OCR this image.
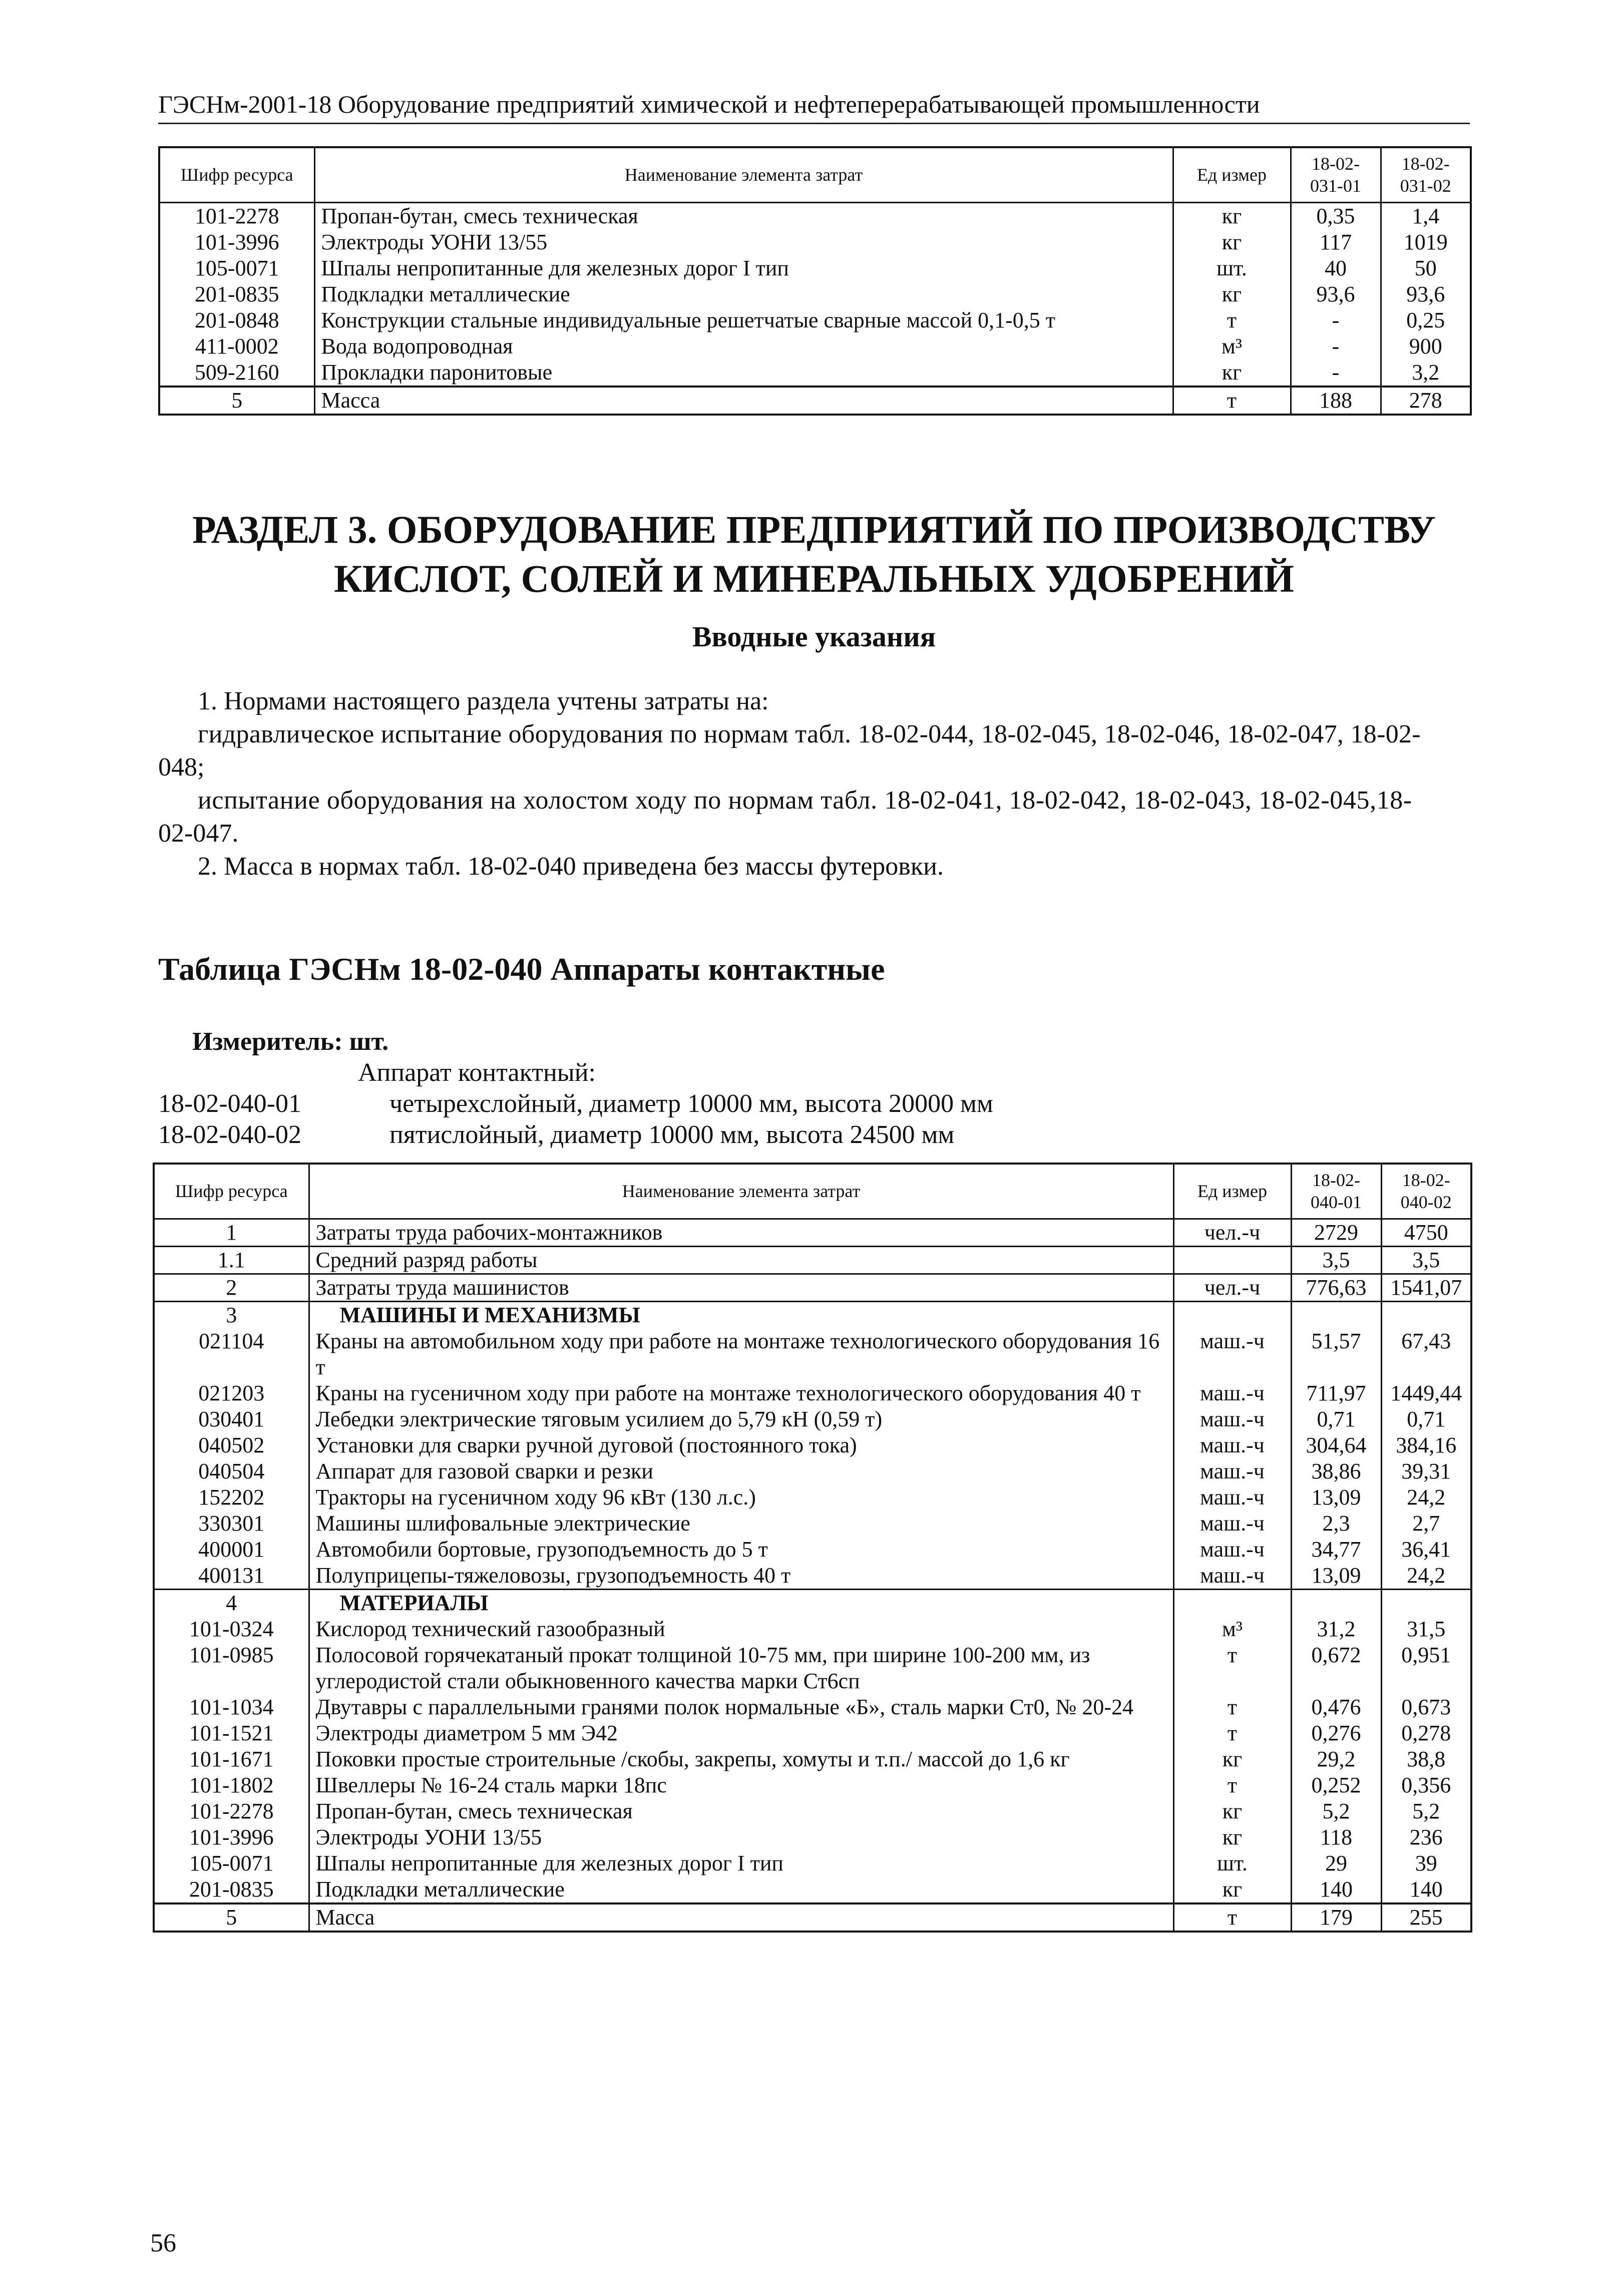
ГЭСНм-2001-18 Оборудование предприятий химической и нефтеперерабатывающей промышленности
Шифр ресурса	Наименование элемента затрат	Ед измер	18-02-031-01	18-02-031-02
101-2278	Пропан-бутан, смесь техническая	кг	0,35	1,4
101-3996	Электроды УОНИ 13/55	кг	117	1019
105-0071	Шпалы непропитанные для железных дорог I тип	шт.	40	50
201-0835	Подкладки металлические	кг	93,6	93,6
201-0848	Конструкции стальные индивидуальные решетчатые сварные массой 0,1-0,5 т	т	-	0,25
411-0002	Вода водопроводная	м³	-	900
509-2160	Прокладки паронитовые	кг	-	3,2
5	Масса	т	188	278
РАЗДЕЛ 3. ОБОРУДОВАНИЕ ПРЕДПРИЯТИЙ ПО ПРОИЗВОДСТВУ
КИСЛОТ, СОЛЕЙ И МИНЕРАЛЬНЫХ УДОБРЕНИЙ
Вводные указания
1. Нормами настоящего раздела учтены затраты на:
гидравлическое испытание оборудования по нормам табл. 18-02-044, 18-02-045, 18-02-046, 18-02-047, 18-02-
048;
испытание оборудования на холостом ходу по нормам табл. 18-02-041, 18-02-042, 18-02-043, 18-02-045,18-
02-047.
2. Масса в нормах табл. 18-02-040 приведена без массы футеровки.
Таблица ГЭСНм 18-02-040 Аппараты контактные
Измеритель: шт.
Аппарат контактный:
18-02-040-01	четырехслойный, диаметр 10000 мм, высота 20000 мм
18-02-040-02	пятислойный, диаметр 10000 мм, высота 24500 мм
Шифр ресурса	Наименование элемента затрат	Ед измер	18-02-040-01	18-02-040-02
1	Затраты труда рабочих-монтажников	чел.-ч	2729	4750
1.1	Средний разряд работы		3,5	3,5
2	Затраты труда машинистов	чел.-ч	776,63	1541,07
3	МАШИНЫ И МЕХАНИЗМЫ			
021104	Краны на автомобильном ходу при работе на монтаже технологического оборудования 16 т	маш.-ч	51,57	67,43
021203	Краны на гусеничном ходу при работе на монтаже технологического оборудования 40 т	маш.-ч	711,97	1449,44
030401	Лебедки электрические тяговым усилием до 5,79 кН (0,59 т)	маш.-ч	0,71	0,71
040502	Установки для сварки ручной дуговой (постоянного тока)	маш.-ч	304,64	384,16
040504	Аппарат для газовой сварки и резки	маш.-ч	38,86	39,31
152202	Тракторы на гусеничном ходу 96 кВт (130 л.с.)	маш.-ч	13,09	24,2
330301	Машины шлифовальные электрические	маш.-ч	2,3	2,7
400001	Автомобили бортовые, грузоподъемность до 5 т	маш.-ч	34,77	36,41
400131	Полуприцепы-тяжеловозы, грузоподъемность 40 т	маш.-ч	13,09	24,2
4	МАТЕРИАЛЫ			
101-0324	Кислород технический газообразный	м³	31,2	31,5
101-0985	Полосовой горячекатаный прокат толщиной 10-75 мм, при ширине 100-200 мм, из углеродистой стали обыкновенного качества марки Ст6сп	т	0,672	0,951
101-1034	Двутавры с параллельными гранями полок нормальные «Б», сталь марки Ст0, № 20-24	т	0,476	0,673
101-1521	Электроды диаметром 5 мм Э42	т	0,276	0,278
101-1671	Поковки простые строительные /скобы, закрепы, хомуты и т.п./ массой до 1,6 кг	кг	29,2	38,8
101-1802	Швеллеры № 16-24 сталь марки 18пс	т	0,252	0,356
101-2278	Пропан-бутан, смесь техническая	кг	5,2	5,2
101-3996	Электроды УОНИ 13/55	кг	118	236
105-0071	Шпалы непропитанные для железных дорог I тип	шт.	29	39
201-0835	Подкладки металлические	кг	140	140
5	Масса	т	179	255
56
